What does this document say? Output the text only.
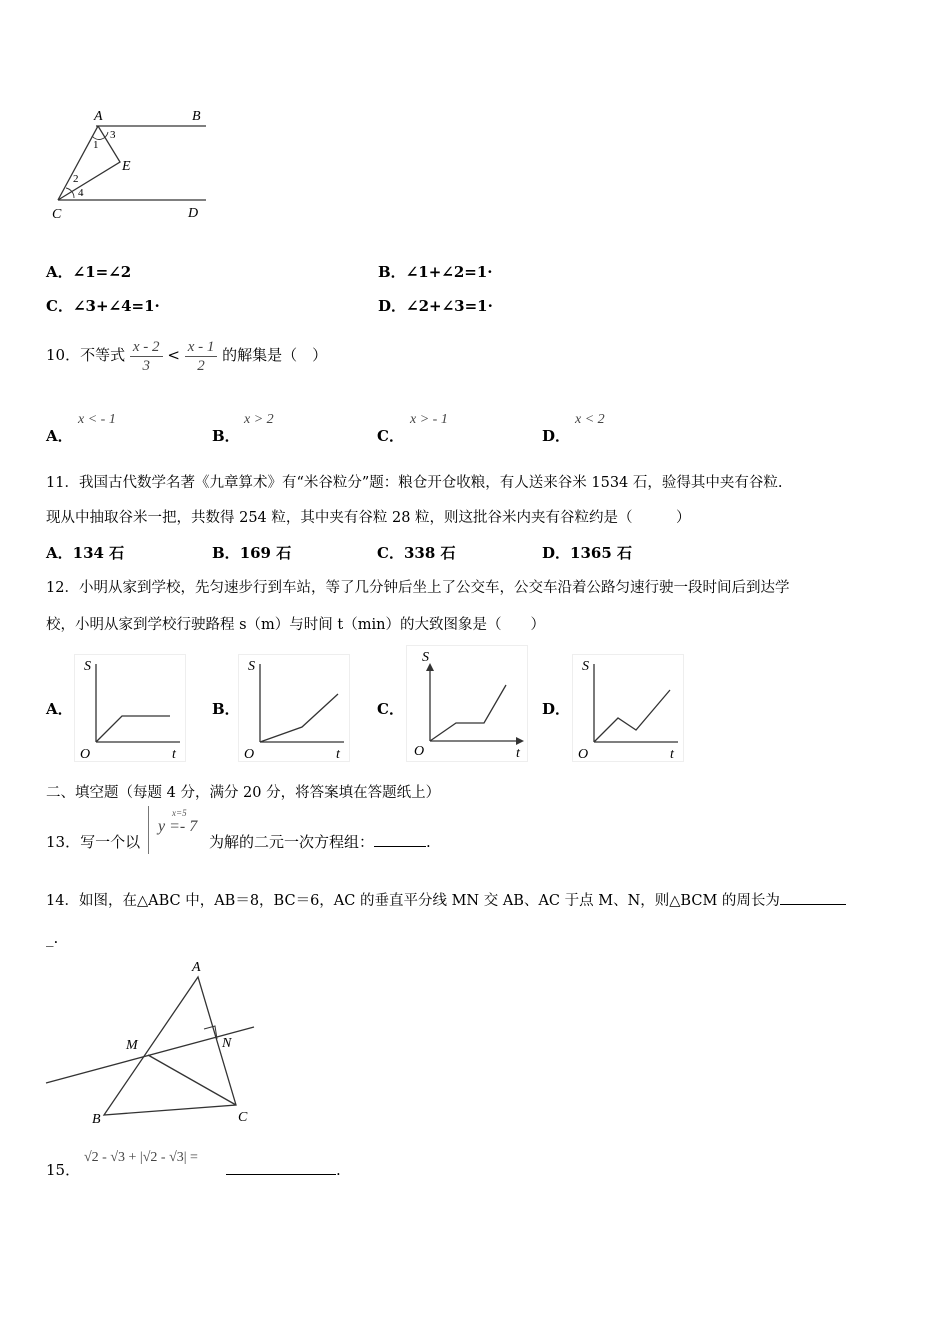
A	B
C	D
E
1
2
3
4
A．∠1=∠2	B．∠1+∠2=1·
C．∠3+∠4=1·	D．∠2+∠3=1·
10．不等式 $\frac{x - 2}{3} < \frac{x - 1}{2}$ 的解集是（　）
A．
x < - 1
B．
x > 2
C．
x > - 1
D．
x < 2
11．我国古代数学名著《九章算术》有“米谷粒分”题：粮仓开仓收粮，有人送来谷米 1534 石，验得其中夹有谷粒.
现从中抽取谷米一把，共数得 254 粒，其中夹有谷粒 28 粒，则这批谷米内夹有谷粒约是（　　　）
A．134 石	B．169 石	C．338 石	D．1365 石
12．小明从家到学校，先匀速步行到车站，等了几分钟后坐上了公交车，公交车沿着公路匀速行驶一段时间后到达学
校，小明从家到学校行驶路程 s（m）与时间 t（min）的大致图象是（　　）
A．	B．	C．	D．
S
t
O
S
t
O
S
t
O
S
t
O
二、填空题（每题 4 分，满分 20 分，将答案填在答题纸上）
13．写一个以
x=5
y =- 7
为解的二元一次方程组：	.
14．如图，在△ABC 中，AB＝8，BC＝6，AC 的垂直平分线 MN 交 AB、AC 于点 M、N，则△BCM 的周长为
_.
A
B	C
M	N
15．
√2 - √3 + |√2 - √3| =
.
